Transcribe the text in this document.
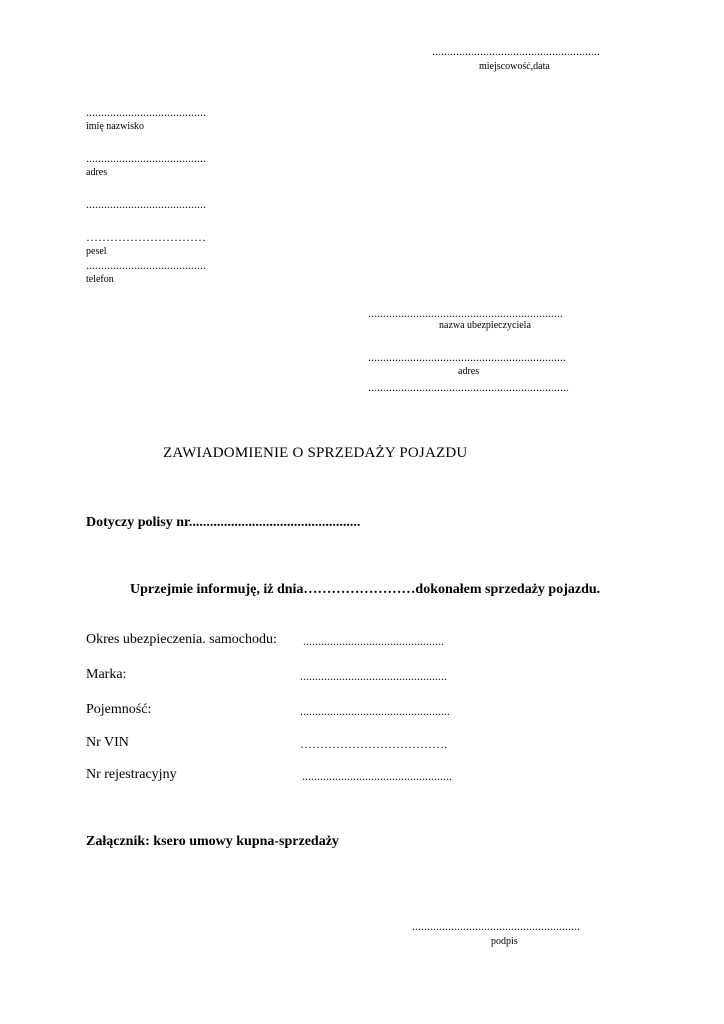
........................................................
miejscowość,data
........................................
imię nazwisko
........................................
adres
........................................
…………………………
pesel
........................................
telefon
.................................................................
nazwa ubezpieczyciela
..................................................................
adres
...................................................................
ZAWIADOMIENIE O SPRZEDAŻY POJAZDU
Dotyczy polisy nr.................................................
Uprzejmie informuję, iż dnia……………………dokonałem sprzedaży pojazdu.
Okres ubezpieczenia. samochodu: ...............................................
Marka:	.................................................
Pojemność:	..................................................
Nr VIN	……………………………….
Nr rejestracyjny	..................................................
Załącznik: ksero umowy kupna-sprzedaży
........................................................
podpis
